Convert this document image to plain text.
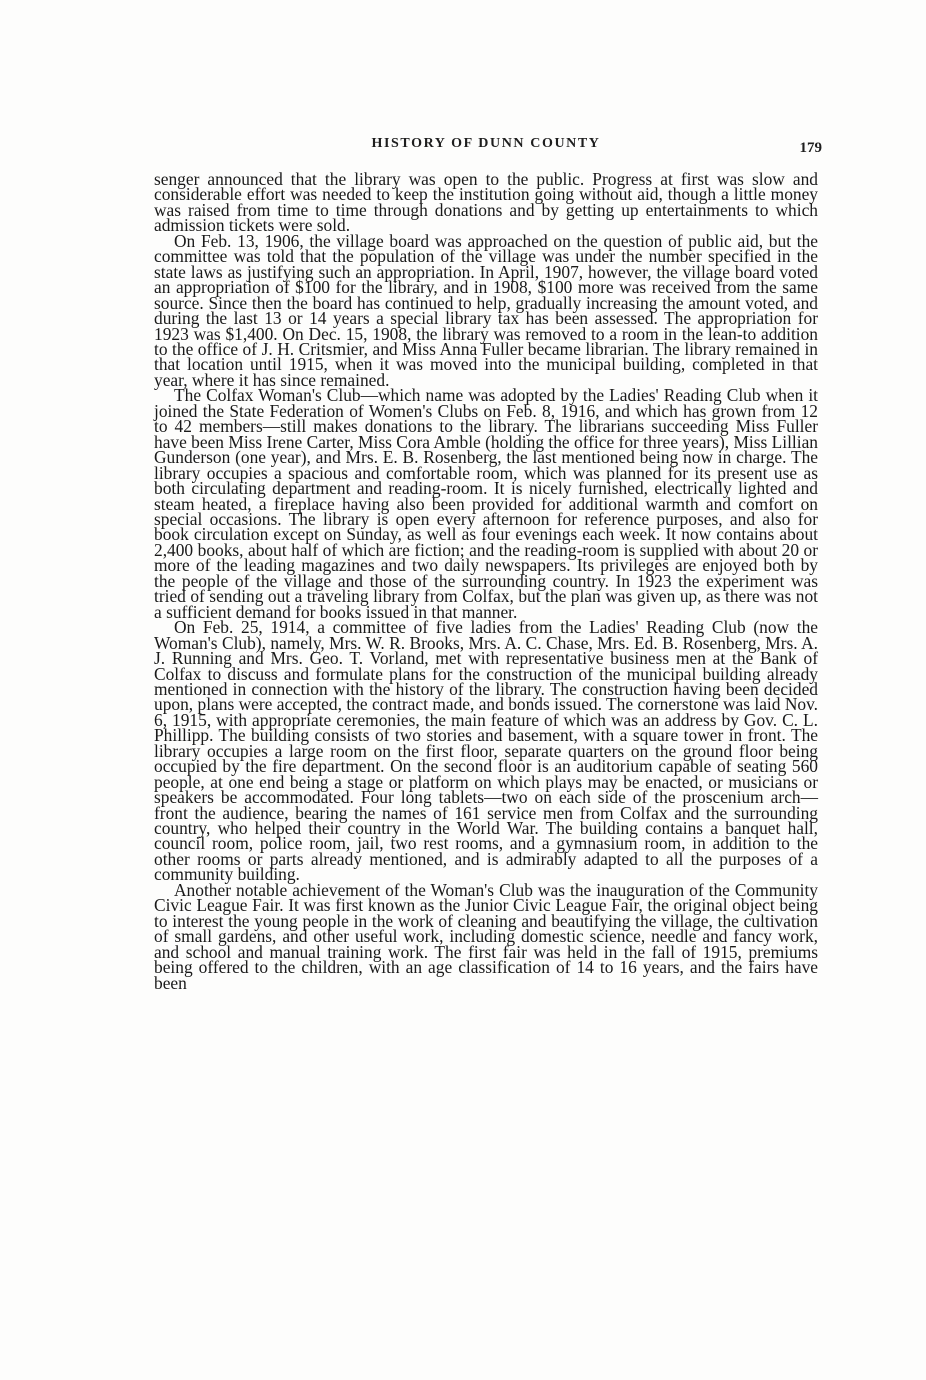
HISTORY OF DUNN COUNTY	179

senger announced that the library was open to the public. Progress at first was slow and considerable effort was needed to keep the institution going without aid, though a little money was raised from time to time through donations and by getting up entertainments to which admission tickets were sold.

On Feb. 13, 1906, the village board was approached on the question of public aid, but the committee was told that the population of the village was under the number specified in the state laws as justifying such an appropriation. In April, 1907, however, the village board voted an appropriation of $100 for the library, and in 1908, $100 more was received from the same source. Since then the board has continued to help, gradually increasing the amount voted, and during the last 13 or 14 years a special library tax has been assessed. The appropriation for 1923 was $1,400. On Dec. 15, 1908, the library was removed to a room in the lean-to addition to the office of J. H. Critsmier, and Miss Anna Fuller became librarian. The library remained in that location until 1915, when it was moved into the municipal building, completed in that year, where it has since remained.

The Colfax Woman's Club—which name was adopted by the Ladies' Reading Club when it joined the State Federation of Women's Clubs on Feb. 8, 1916, and which has grown from 12 to 42 members—still makes donations to the library. The librarians succeeding Miss Fuller have been Miss Irene Carter, Miss Cora Amble (holding the office for three years), Miss Lillian Gunderson (one year), and Mrs. E. B. Rosenberg, the last mentioned being now in charge. The library occupies a spacious and comfortable room, which was planned for its present use as both circulating department and reading-room. It is nicely furnished, electrically lighted and steam heated, a fireplace having also been provided for additional warmth and comfort on special occasions. The library is open every afternoon for reference purposes, and also for book circulation except on Sunday, as well as four evenings each week. It now contains about 2,400 books, about half of which are fiction; and the reading-room is supplied with about 20 or more of the leading magazines and two daily newspapers. Its privileges are enjoyed both by the people of the village and those of the surrounding country. In 1923 the experiment was tried of sending out a traveling library from Colfax, but the plan was given up, as there was not a sufficient demand for books issued in that manner.

On Feb. 25, 1914, a committee of five ladies from the Ladies' Reading Club (now the Woman's Club), namely, Mrs. W. R. Brooks, Mrs. A. C. Chase, Mrs. Ed. B. Rosenberg, Mrs. A. J. Running and Mrs. Geo. T. Vorland, met with representative business men at the Bank of Colfax to discuss and formulate plans for the construction of the municipal building already mentioned in connection with the history of the library. The construction having been decided upon, plans were accepted, the contract made, and bonds issued. The cornerstone was laid Nov. 6, 1915, with appropriate ceremonies, the main feature of which was an address by Gov. C. L. Phillipp. The building consists of two stories and basement, with a square tower in front. The library occupies a large room on the first floor, separate quarters on the ground floor being occupied by the fire department. On the second floor is an auditorium capable of seating 560 people, at one end being a stage or platform on which plays may be enacted, or musicians or speakers be accommodated. Four long tablets—two on each side of the proscenium arch—front the audience, bearing the names of 161 service men from Colfax and the surrounding country, who helped their country in the World War. The building contains a banquet hall, council room, police room, jail, two rest rooms, and a gymnasium room, in addition to the other rooms or parts already mentioned, and is admirably adapted to all the purposes of a community building.

Another notable achievement of the Woman's Club was the inauguration of the Community Civic League Fair. It was first known as the Junior Civic League Fair, the original object being to interest the young people in the work of cleaning and beautifying the village, the cultivation of small gardens, and other useful work, including domestic science, needle and fancy work, and school and manual training work. The first fair was held in the fall of 1915, premiums being offered to the children, with an age classification of 14 to 16 years, and the fairs have been
